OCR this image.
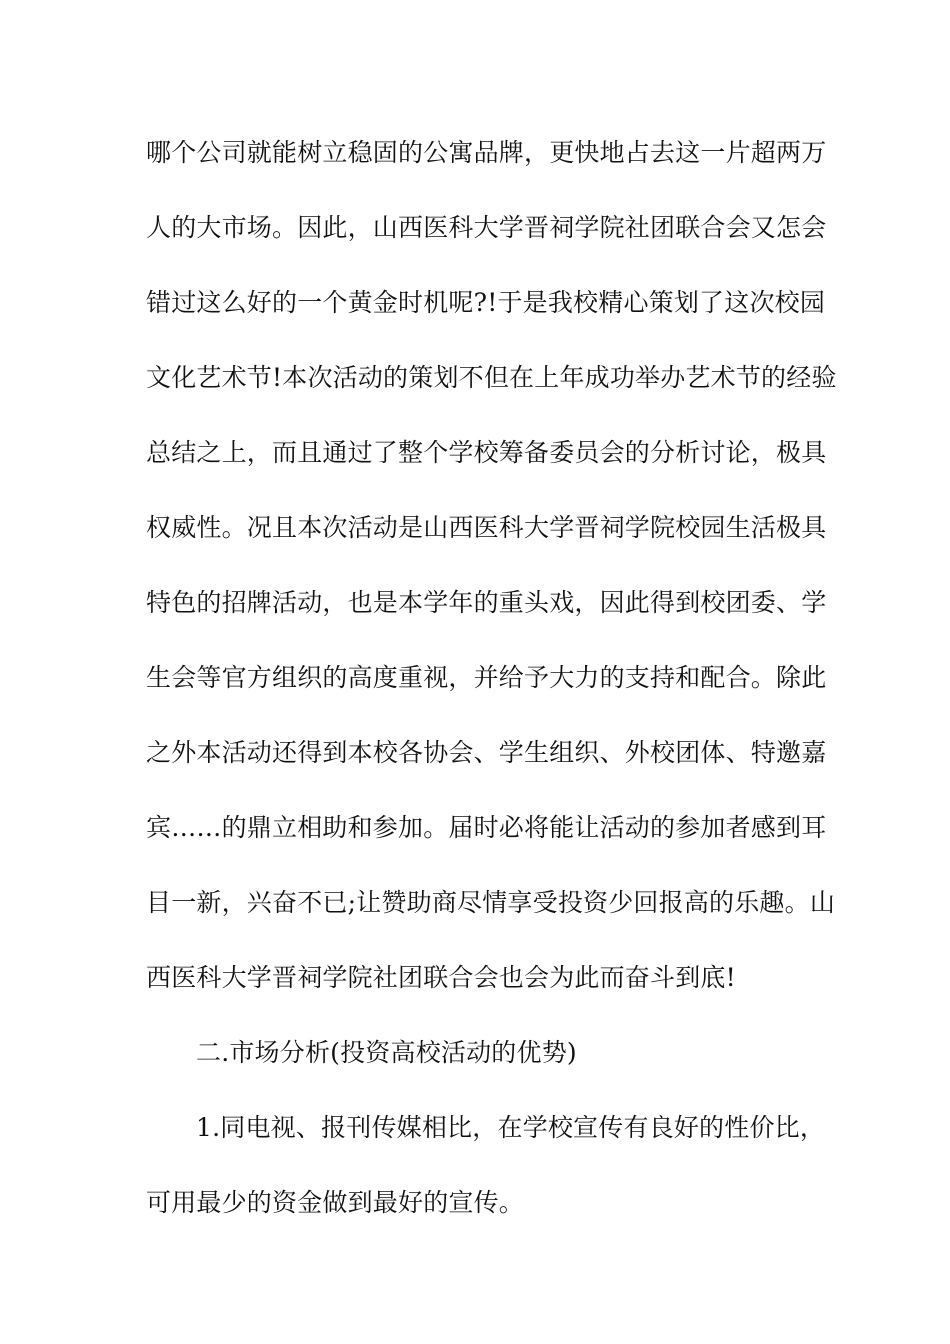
哪个公司就能树立稳固的公寓品牌，更快地占去这一片超两万
人的大市场。因此，山西医科大学晋祠学院社团联合会又怎会
错过这么好的一个黄金时机呢?!于是我校精心策划了这次校园
文化艺术节!本次活动的策划不但在上年成功举办艺术节的经验
总结之上，而且通过了整个学校筹备委员会的分析讨论，极具
权威性。况且本次活动是山西医科大学晋祠学院校园生活极具
特色的招牌活动，也是本学年的重头戏，因此得到校团委、学
生会等官方组织的高度重视，并给予大力的支持和配合。除此
之外本活动还得到本校各协会、学生组织、外校团体、特邀嘉
宾……的鼎立相助和参加。届时必将能让活动的参加者感到耳
目一新，兴奋不已;让赞助商尽情享受投资少回报高的乐趣。山
西医科大学晋祠学院社团联合会也会为此而奋斗到底!
二.市场分析(投资高校活动的优势)
1.同电视、报刊传媒相比，在学校宣传有良好的性价比，
可用最少的资金做到最好的宣传。
